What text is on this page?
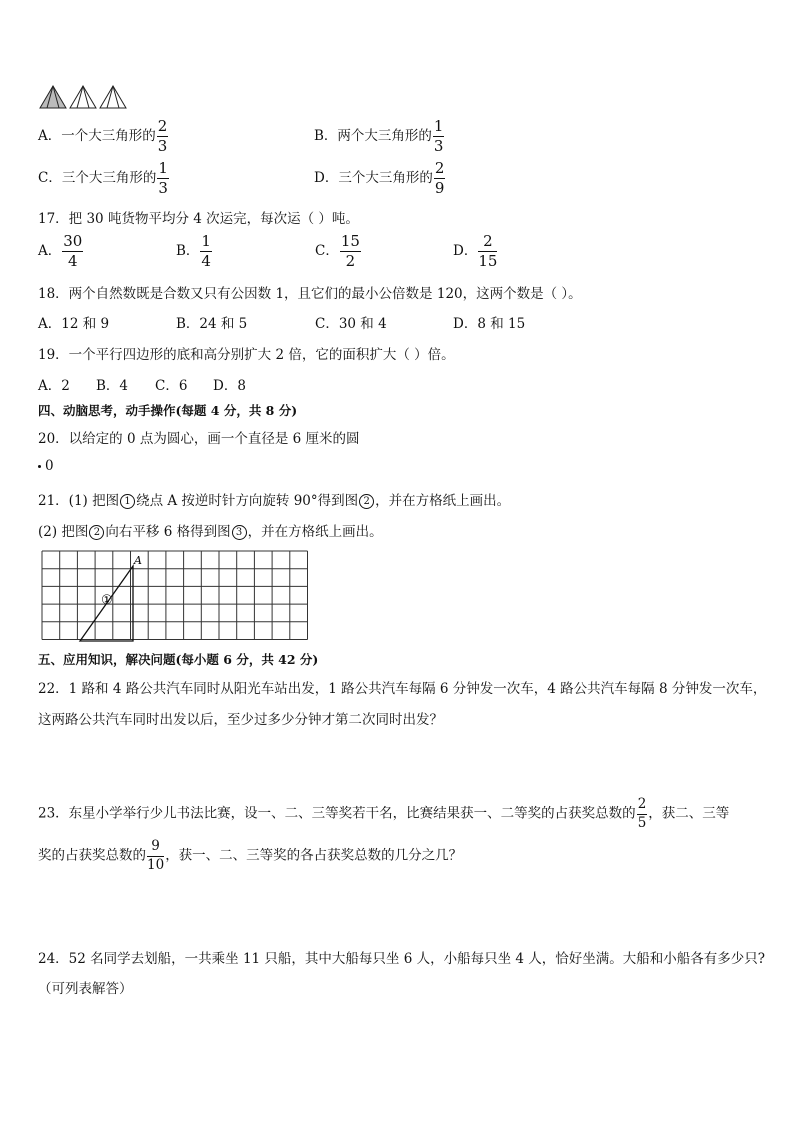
A．一个大三角形的 $\frac{2}{3}$	B．两个大三角形的 $\frac{1}{3}$
C．三个大三角形的 $\frac{1}{3}$	D．三个大三角形的 $\frac{2}{9}$
17．把 30 吨货物平均分 4 次运完，每次运（ ）吨。
A． $\frac{30}{4}$	B． $\frac{1}{4}$	C． $\frac{15}{2}$	D． $\frac{2}{15}$
18．两个自然数既是合数又只有公因数 1，且它们的最小公倍数是 120，这两个数是（ ）。
A．12 和 9	B．24 和 5	C．30 和 4	D．8 和 15
19．一个平行四边形的底和高分别扩大 2 倍，它的面积扩大（ ）倍。
A．2 B．4 C．6 D．8
四、动脑思考，动手操作(每题 4 分，共 8 分)
20．以给定的 0 点为圆心，画一个直径是 6 厘米的圆
0
21．(1) 把图 1 绕点 A 按逆时针方向旋转 90°得到图 2 ，并在方格纸上画出。
(2) 把图 2 向右平移 6 格得到图 3 ，并在方格纸上画出。
A
①
五、应用知识，解决问题(每小题 6 分，共 42 分)
22．1 路和 4 路公共汽车同时从阳光车站出发，1 路公共汽车每隔 6 分钟发一次车，4 路公共汽车每隔 8 分钟发一次车，
这两路公共汽车同时出发以后，至少过多少分钟才第二次同时出发？
23．东星小学举行少儿书法比赛，设一、二、三等奖若干名，比赛结果获一、二等奖的占获奖总数的 $\frac{2}{5}$ ，获二、三等
奖的占获奖总数的 $\frac{9}{10}$ ，获一、二、三等奖的各占获奖总数的几分之几？
24．52 名同学去划船，一共乘坐 11 只船，其中大船每只坐 6 人，小船每只坐 4 人，恰好坐满。大船和小船各有多少只?
（可列表解答）
